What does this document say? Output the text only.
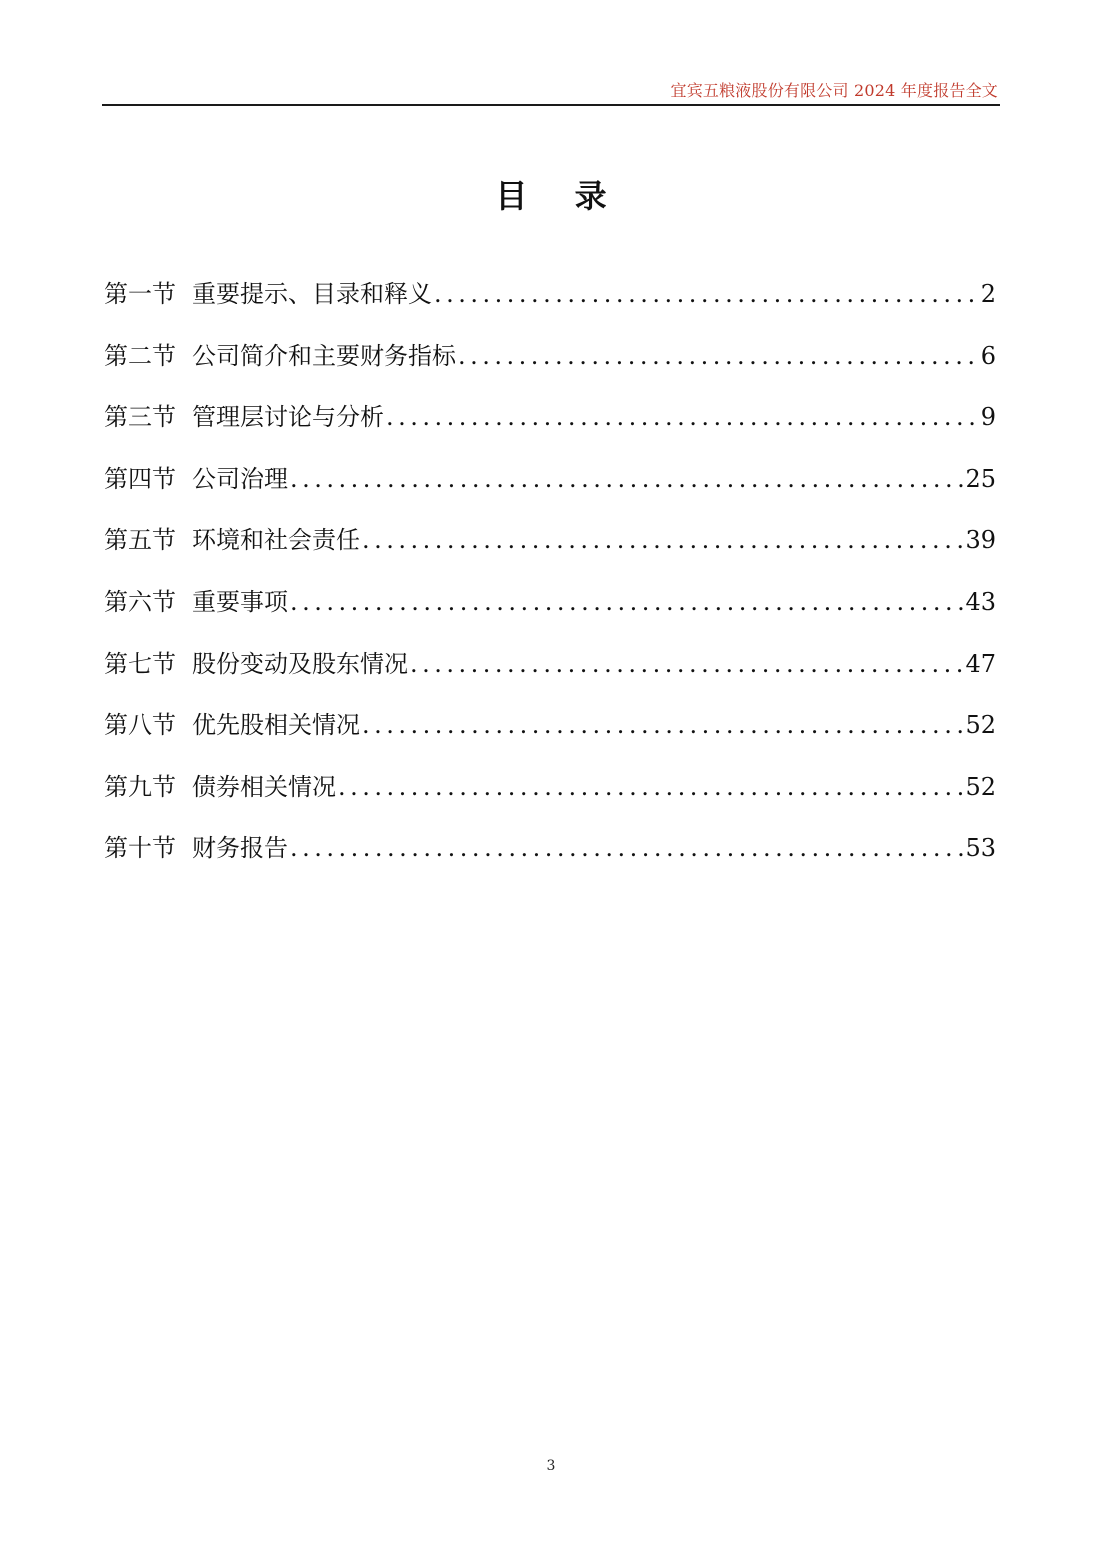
宜宾五粮液股份有限公司 2024 年度报告全文
目 录
第一节 重要提示、目录和释义 .....	2
第二节 公司简介和主要财务指标 .....	6
第三节 管理层讨论与分析 .....	9
第四节 公司治理 .....	25
第五节 环境和社会责任 .....	39
第六节 重要事项 .....	43
第七节 股份变动及股东情况 .....	47
第八节 优先股相关情况 .....	52
第九节 债券相关情况 .....	52
第十节 财务报告 .....	53
3
